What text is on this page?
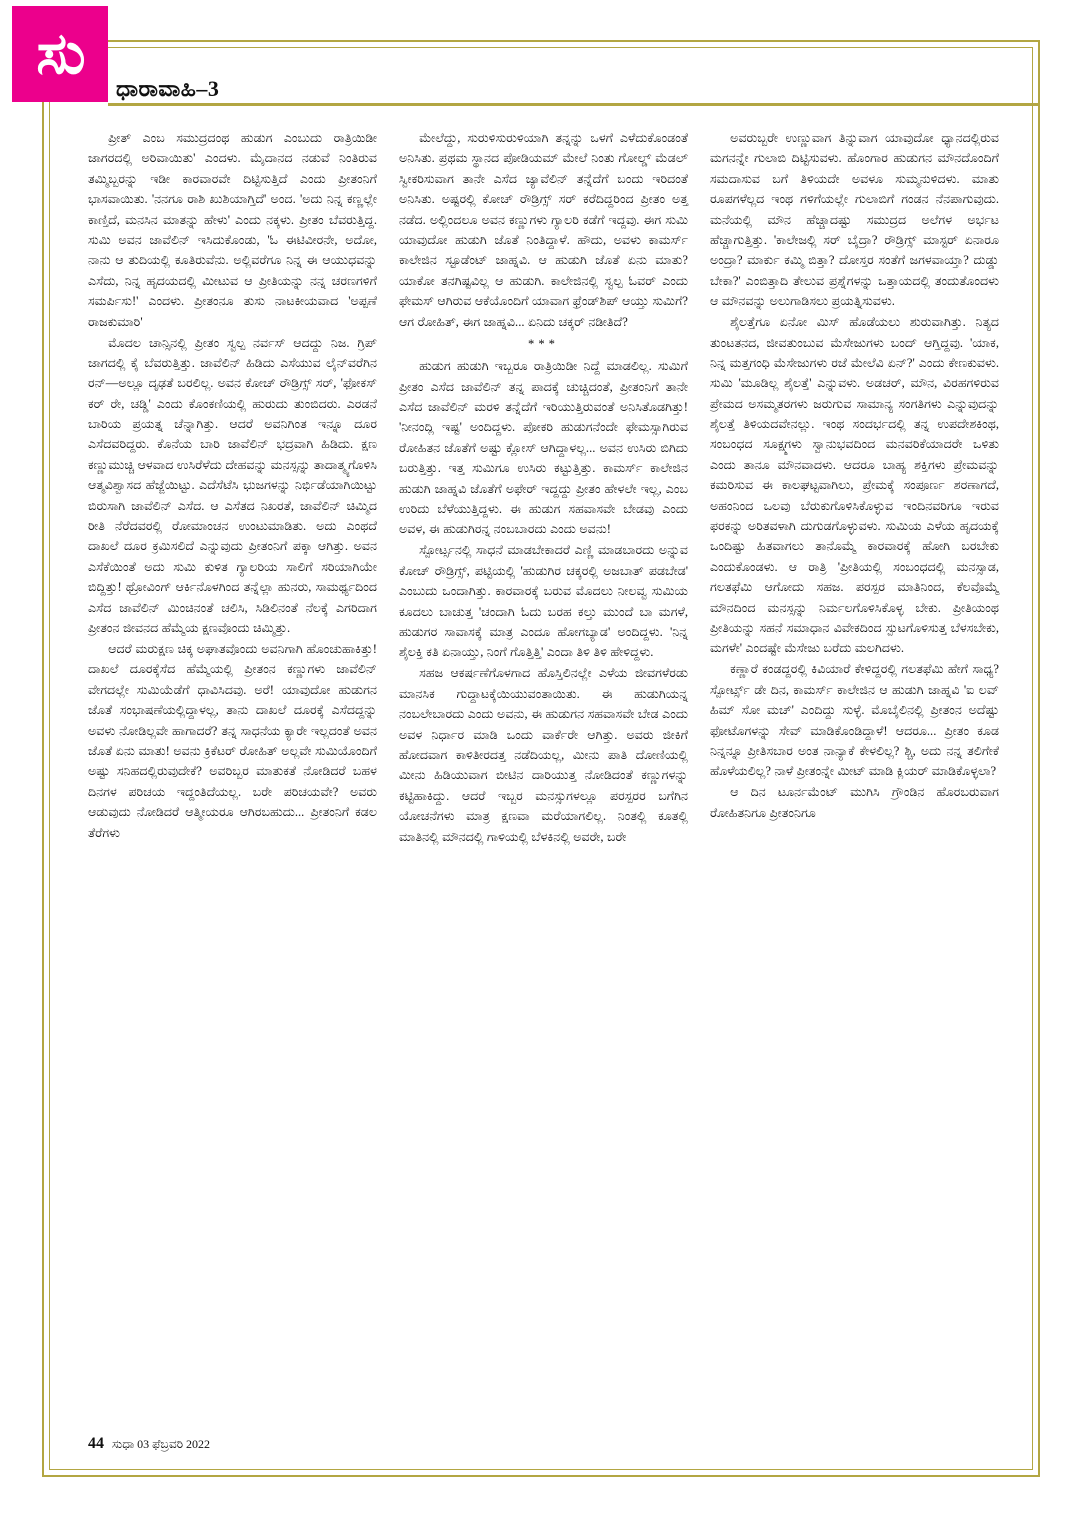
ಸು
ಧಾರಾವಾಹಿ–3

ಪ್ರೀತ್ ಎಂಬ ಸಮುದ್ರದಂಥ ಹುಡುಗ ಎಂಬುದು ರಾತ್ರಿಯಿಡೀ ಜಾಗರದಲ್ಲಿ ಅರಿವಾಯಿತು' ಎಂದಳು. ಮೈದಾನದ ನಡುವೆ ನಿಂತಿರುವ ತಮ್ಮಿಬ್ಬರನ್ನು ಇಡೀ ಕಾರವಾರವೇ ದಿಟ್ಟಿಸುತ್ತಿದೆ ಎಂದು ಪ್ರೀತಂನಿಗೆ ಭಾಸವಾಯಿತು. 'ನನಗೂ ರಾಶಿ ಖುಶಿಯಾಗ್ತಿದೆ' ಅಂದ. 'ಅದು ನಿನ್ನ ಕಣ್ಣಲ್ಲೇ ಕಾಣ್ತಿದೆ, ಮನಸಿನ ಮಾತನ್ನು ಹೇಳು' ಎಂದು ನಕ್ಕಳು. ಪ್ರೀತಂ ಬೆವರುತ್ತಿದ್ದ. ಸುಮಿ ಅವನ ಜಾವೆಲಿನ್ ಇಸಿದುಕೊಂಡು, 'ಓ ಈಟಿವೀರನೇ, ಅದೋ, ನಾನು ಆ ತುದಿಯಲ್ಲಿ ಕೂತಿರುವೆನು. ಅಲ್ಲಿವರೆಗೂ ನಿನ್ನ ಈ ಆಯುಧವನ್ನು ಎಸೆದು, ನಿನ್ನ ಹೃದಯದಲ್ಲಿ ಮೀಟುವ ಆ ಪ್ರೀತಿಯನ್ನು ನನ್ನ ಚರಣಗಳಿಗೆ ಸಮರ್ಪಿಸು!' ಎಂದಳು. ಪ್ರೀತಂನೂ ತುಸು ನಾಟಕೀಯವಾದ 'ಅಪ್ಪಣೆ ರಾಜಕುಮಾರಿ'

ಮೊದಲ ಚಾನ್ಸಿನಲ್ಲಿ ಪ್ರೀತಂ ಸ್ವಲ್ಪ ನರ್ವಸ್ ಆದದ್ದು ನಿಜ. ಗ್ರಿಪ್ ಜಾಗದಲ್ಲಿ ಕೈ ಬೆವರುತ್ತಿತ್ತು. ಜಾವೆಲಿನ್ ಹಿಡಿದು ಎಸೆಯುವ ಲೈನ್‌ವರೆಗಿನ ರನ್—ಅಲ್ಲೂ ದೃಢತೆ ಬರಲಿಲ್ಲ. ಅವನ ಕೋಚ್ ರೌಡ್ರಿಗ್ಸ್ ಸರ್, 'ಫೋಕಸ್ ಕರ್ ರೇ, ಚಡ್ಡಿ' ಎಂದು ಕೊಂಕಣಿಯಲ್ಲಿ ಹುರುದು ತುಂಬಿದರು. ಎರಡನೆ ಬಾರಿಯ ಪ್ರಯತ್ನ ಚೆನ್ನಾಗಿತ್ತು. ಆದರೆ ಅವನಿಗಿಂತ ಇನ್ನೂ ದೂರ ಎಸೆದವರಿದ್ದರು. ಕೊನೆಯ ಬಾರಿ ಜಾವೆಲಿನ್ ಭದ್ರವಾಗಿ ಹಿಡಿದು. ಕ್ಷಣ ಕಣ್ಣುಮುಚ್ಚಿ ಆಳವಾದ ಉಸಿರೆಳೆದು ದೇಹವನ್ನು ಮನಸ್ಸನ್ನು ತಾದಾತ್ಮ್ಯಗೊಳಿಸಿ ಆತ್ಮವಿಶ್ವಾಸದ ಹೆಜ್ಜೆಯಿಟ್ಟು. ಎದೆಸೆಟೆಸಿ ಭುಜಗಳನ್ನು ನಿರ್ಭಿಡೆಯಾಗಿಯಿಟ್ಟು ಬಿರುಸಾಗಿ ಜಾವೆಲಿನ್ ಎಸೆದ. ಆ ಎಸೆತದ ನಿಖರತೆ, ಜಾವೆಲಿನ್ ಚಿಮ್ಮಿದ ರೀತಿ ನೆರೆದವರಲ್ಲಿ ರೋಮಾಂಚನ ಉಂಟುಮಾಡಿತು. ಅದು ಎಂಥದೆ ದಾಖಲೆ ದೂರ ಕ್ರಮಿಸಲಿದೆ ಎನ್ನುವುದು ಪ್ರೀತಂನಿಗೆ ಪಕ್ಕಾ ಆಗಿತ್ತು. ಅವನ ಎಸೆಕೆಯಿಂತೆ ಅದು ಸುಮಿ ಕುಳಿತ ಗ್ಯಾಲರಿಯ ಸಾಲಿಗೆ ಸರಿಯಾಗಿಯೇ ಬಿದ್ದಿತ್ತು! ಥ್ರೋವಿಂಗ್ ಆರ್ಕಿನೊಳಗಿಂದ ತನ್ನೆಲ್ಲಾ ಹುನರು, ಸಾಮರ್ಥ್ಯದಿಂದ ಎಸೆದ ಜಾವೆಲಿನ್ ಮಿಂಚಿನಂತೆ ಚಲಿಸಿ, ಸಿಡಿಲಿನಂತೆ ನೆಲಕ್ಕೆ ಎಗರಿದಾಗ ಪ್ರೀತಂನ ಜೀವನದ ಹೆಮ್ಮೆಯ ಕ್ಷಣವೊಂದು ಚಿಮ್ಮಿತ್ತು.

ಆದರೆ ಮರುಕ್ಷಣ ಚಿಕ್ಕ ಅಘಾತವೊಂದು ಅವನಿಗಾಗಿ ಹೊಂಚುಹಾಕಿತ್ತು! ದಾಖಲೆ ದೂರಕ್ಕೆಸೆದ ಹೆಮ್ಮೆಯಲ್ಲಿ ಪ್ರೀತಂನ ಕಣ್ಣುಗಳು ಜಾವೆಲಿನ್ ವೇಗದಲ್ಲೇ ಸುಮಿಯೆಡೆಗೆ ಧಾವಿಸಿದವು. ಅರೆ! ಯಾವುದೋ ಹುಡುಗನ ಜೊತೆ ಸಂಭಾಷಣೆಯಲ್ಲಿದ್ದಾಳಲ್ಲ, ತಾನು ದಾಖಲೆ ದೂರಕ್ಕೆ ಎಸೆದದ್ದನ್ನು ಅವಳು ನೋಡಿಲ್ಲವೇ ಹಾಗಾದರೆ? ತನ್ನ ಸಾಧನೆಯ ಕ್ಯಾರೇ ಇಲ್ಲದಂತೆ ಅವನ ಜೊತೆ ಏನು ಮಾತು! ಅವನು ಕ್ರಿಕೆಟರ್ ರೋಹಿತ್ ಅಲ್ಲವೇ ಸುಮಿಯೊಂದಿಗೆ ಅಷ್ಟು ಸನಿಹದಲ್ಲಿರುವುದೇಕೆ? ಅವರಿಬ್ಬರ ಮಾತುಕತೆ ನೋಡಿದರೆ ಬಹಳ ದಿನಗಳ ಪರಿಚಯ ಇದ್ದಂತಿದೆಯಲ್ಲ. ಬರೇ ಪರಿಚಯವೇ? ಅವರು ಆಡುವುದು ನೋಡಿದರೆ ಆತ್ಮೀಯರೂ ಆಗಿರಬಹುದು... ಪ್ರೀತಂನಿಗೆ ಕಡಲ ತೆರೆಗಳು

ಮೇಲೆದ್ದು, ಸುರುಳಿಸುರುಳಿಯಾಗಿ ತನ್ನನ್ನು ಒಳಗೆ ಎಳೆದುಕೊಂಡಂತೆ ಅನಿಸಿತು. ಪ್ರಥಮ ಸ್ಥಾನದ ಪೋಡಿಯಮ್ ಮೇಲೆ ನಿಂತು ಗೋಲ್ಡ್ ಮೆಡಲ್ ಸ್ವೀಕರಿಸುವಾಗ ತಾನೇ ಎಸೆದ ಜ್ಯಾವೆಲಿನ್ ತನ್ನೆದೆಗೆ ಬಂದು ಇರಿದಂತೆ ಅನಿಸಿತು. ಅಷ್ಟರಲ್ಲಿ ಕೋಚ್ ರೌಡ್ರಿಗ್ಸ್ ಸರ್ ಕರೆದಿದ್ದರಿಂದ ಪ್ರೀತಂ ಅತ್ತ ನಡೆದ. ಅಲ್ಲಿಂದಲೂ ಅವನ ಕಣ್ಣುಗಳು ಗ್ಯಾಲರಿ ಕಡೆಗೆ ಇದ್ದವು. ಈಗ ಸುಮಿ ಯಾವುದೋ ಹುಡುಗಿ ಜೊತೆ ನಿಂತಿದ್ದಾಳೆ. ಹೌದು, ಅವಳು ಕಾಮರ್ಸ್ ಕಾಲೇಜಿನ ಸ್ಟೂಡೆಂಟ್ ಜಾಹ್ನವಿ. ಆ ಹುಡುಗಿ ಜೊತೆ ಏನು ಮಾತು? ಯಾಕೋ ತನಗಿಷ್ಟವಿಲ್ಲ ಆ ಹುಡುಗಿ. ಕಾಲೇಜಿನಲ್ಲಿ ಸ್ವಲ್ಪ ಓವರ್ ಎಂದು ಫೇಮಸ್ ಆಗಿರುವ ಆಕೆಯೊಂದಿಗೆ ಯಾವಾಗ ಫ್ರೆಂಡ್‌ಶಿಪ್ ಆಯ್ತು ಸುಮಿಗೆ? ಆಗ ರೋಹಿತ್, ಈಗ ಜಾಹ್ನವಿ... ಏನಿದು ಚಕ್ಕರ್ ನಡೀತಿದೆ?

***

ಹುಡುಗ ಹುಡುಗಿ ಇಬ್ಬರೂ ರಾತ್ರಿಯಿಡೀ ನಿದ್ದೆ ಮಾಡಲಿಲ್ಲ. ಸುಮಿಗೆ ಪ್ರೀತಂ ಎಸೆದ ಜಾವೆಲಿನ್ ತನ್ನ ಪಾದಕ್ಕೆ ಚುಚ್ಚಿದಂತೆ, ಪ್ರೀತಂನಿಗೆ ತಾನೇ ಎಸೆದ ಜಾವೆಲಿನ್ ಮರಳಿ ತನ್ನೆದೆಗೆ ಇರಿಯುತ್ತಿರುವಂತೆ ಅನಿಸಿತೊಡಗಿತ್ತು! 'ನೀನಂದ್ಲಿ ಇಷ್ಟ' ಅಂದಿದ್ದಳು. ಪೋಕರಿ ಹುಡುಗನೆಂದೇ ಫೇಮಸ್ಸಾಗಿರುವ ರೋಹಿತನ ಜೊತೆಗೆ ಅಷ್ಟು ಕ್ಲೋಸ್ ಆಗಿದ್ದಾಳಲ್ಲ... ಅವನ ಉಸಿರು ಬಿಗಿದು ಬರುತ್ತಿತ್ತು. ಇತ್ತ ಸುಮಿಗೂ ಉಸಿರು ಕಟ್ಟುತ್ತಿತ್ತು. ಕಾಮರ್ಸ್ ಕಾಲೇಜಿನ ಹುಡುಗಿ ಜಾಹ್ನವಿ ಜೊತೆಗೆ ಅಫೇರ್ ಇದ್ದದ್ದು ಪ್ರೀತಂ ಹೇಳಲೇ ಇಲ್ಲ, ಎಂಬ ಉರಿದು ಬೆಳೆಯುತ್ತಿದ್ದಳು. ಈ ಹುಡುಗ ಸಹವಾಸವೇ ಬೇಡವು ಎಂದು ಅವಳ, ಈ ಹುಡುಗಿರನ್ನ ನಂಬಬಾರದು ಎಂದು ಅವನು!

ಸ್ಪೋರ್ಟ್ಸನಲ್ಲಿ ಸಾಧನೆ ಮಾಡಬೇಕಾದರೆ ಎಣ್ಣಿ ಮಾಡಬಾರದು ಅನ್ನುವ ಕೋಚ್ ರೌಡ್ರಿಗ್ಸ್, ಪಟ್ಟಿಯಲ್ಲಿ 'ಹುಡುಗಿರ ಚಕ್ಕರಲ್ಲಿ ಅಜಬಾತ್ ಪಡಬೇಡ' ಎಂಬುದು ಒಂದಾಗಿತ್ತು. ಕಾರವಾರಕ್ಕೆ ಬರುವ ಮೊದಲು ನೀಲವ್ವ ಸುಮಿಯ ಕೂದಲು ಬಾಚುತ್ತ 'ಚಂದಾಗಿ ಓದು ಬರಹ ಕಲ್ತು ಮುಂದೆ ಬಾ ಮಗಳೆ, ಹುಡುಗರ ಸಾವಾಸಕ್ಕೆ ಮಾತ್ರ ಎಂದೂ ಹೋಗಬ್ಯಾಡ' ಅಂದಿದ್ದಳು. 'ನಿನ್ನ ಶೈಲಕ್ತಿ ಕತಿ ಏನಾಯ್ತು, ನಿಂಗೆ ಗೊತ್ತಿತ್ತಿ' ಎಂದಾ ತಿಳಿ ತಿಳಿ ಹೇಳಿದ್ದಳು.

ಸಹಜ ಆಕರ್ಷಣೆಗೊಳಗಾದ ಹೊಸ್ತಿಲಿನಲ್ಲೇ ಎಳೆಯ ಜೀವಗಳೆರಡು ಮಾನಸಿಕ ಗುದ್ದಾಟಕ್ಕೆಯಿಯುವಂತಾಯಿತು. ಈ ಹುಡುಗಿಯನ್ನ ನಂಬಲೇಬಾರದು ಎಂದು ಅವನು, ಈ ಹುಡುಗನ ಸಹವಾಸವೇ ಬೇಡ ಎಂದು ಅವಳ ನಿರ್ಧಾರ ಮಾಡಿ ಒಂದು ವಾರ್ಕೆರೇ ಆಗಿತ್ತು. ಅವರು ಜೀಕಿಗೆ ಹೋದವಾಗ ಕಾಳಿತೀರದತ್ತ ನಡೆದಿಯಲ್ಲ, ಮೀನು ಪಾತಿ ದೋಣಿಯಲ್ಲಿ ಮೀನು ಹಿಡಿಯುವಾಗ ಬೀಟಿನ ದಾರಿಯುತ್ತ ನೋಡಿದಂತೆ ಕಣ್ಣುಗಳನ್ನು ಕಟ್ಟಿಹಾಕಿದ್ದು. ಆದರೆ ಇಬ್ಬರ ಮನಸ್ಸುಗಳಲ್ಲೂ ಪರಸ್ಪರರ ಬಗೆಗಿನ ಯೋಚನೆಗಳು ಮಾತ್ರ ಕ್ಷಣವಾ ಮರೆಯಾಗಲಿಲ್ಲ. ನಿಂತಲ್ಲಿ ಕೂತಲ್ಲಿ ಮಾತಿನಲ್ಲಿ ಮೌನದಲ್ಲಿ ಗಾಳಿಯಲ್ಲಿ ಬೆಳಕಿನಲ್ಲಿ ಅವರೇ, ಬರೇ

ಅವರುಬ್ಬರೇ ಉಣ್ಣುವಾಗ ತಿನ್ನುವಾಗ ಯಾವುದೋ ಧ್ಯಾನದಲ್ಲಿರುವ ಮಗನನ್ನೇ ಗುಲಾಬಿ ದಿಟ್ಟಿಸುವಳು. ಹೊಂಗಾರ ಹುಡುಗನ ಮೌನದೊಂದಿಗೆ ಸಮದಾಸುವ ಬಗೆ ತಿಳಿಯದೇ ಅವಳೂ ಸುಮ್ಮನುಳಿದಳು. ಮಾತು ರೂಪಗಳೆಲ್ಲದ ಇಂಥ ಗಳಿಗೆಯಲ್ಲೇ ಗುಲಾಬಿಗೆ ಗಂಡನ ನೆನಪಾಗುವುದು. ಮನೆಯಲ್ಲಿ ಮೌನ ಹೆಚ್ಚಾದಷ್ಟು ಸಮುದ್ರದ ಅಲೆಗಳ ಅರ್ಭಟ ಹೆಚ್ಚಾಗುತ್ತಿತ್ತು. 'ಕಾಲೇಜಲ್ಲಿ ಸರ್ ಬೈದ್ರಾ? ರೌಡ್ರಿಗ್ಸ್ ಮಾಸ್ಟರ್ ಏನಾರೂ ಅಂದ್ರಾ? ಮಾರ್ಕು ಕಮ್ಮಿ ಬಿತ್ತಾ? ದೋಸ್ತರ ಸಂತೆಗೆ ಜಗಳವಾಯ್ತಾ? ದುಡ್ಡು ಬೇಕಾ?' ಎಂಬಿತ್ತಾದಿ ತೇಲುವ ಪ್ರಶ್ನೆಗಳನ್ನು ಒತ್ತಾಯದಲ್ಲಿ ತಂದುತೊಂದಳು ಆ ಮೌನವನ್ನು ಅಲುಗಾಡಿಸಲು ಪ್ರಯತ್ನಿಸುವಳು.

ಶೈಲತ್ತೆಗೂ ಏನೋ ಮಿಸ್ ಹೊಡೆಯಲು ಶುರುವಾಗಿತ್ತು. ನಿತ್ಯದ ತುಂಟತನದ, ಜೀವತುಂಬುವ ಮೆಸೇಜುಗಳು ಬಂದ್ ಆಗ್ತಿದ್ದವು. 'ಯಾಕ, ನಿನ್ನ ಮತ್ತಗಂಧಿ ಮೆಸೇಜುಗಳು ರಜೆ ಮೇಲೆವಿ ಏನ್?' ಎಂದು ಕೇಣಕುವಳು. ಸುಮಿ 'ಮೂಡಿಲ್ಲ ಶೈಲತ್ತೆ' ಎನ್ನುವಳು. ಅಡಚರ್, ಮೌನ, ವಿರಹಗಳಿರುವ ಪ್ರೇಮದ ಅಸಮ್ಮತರಗಳು ಜರುಗುವ ಸಾಮಾನ್ಯ ಸಂಗತಿಗಳು ಎನ್ನುವುದನ್ನು ಶೈಲತ್ತೆ ತಿಳಿಯದವೇನಲ್ಲು. ಇಂಥ ಸಂದರ್ಭದಲ್ಲಿ ತನ್ನ ಉಪದೇಶಕಿಂಥ, ಸಂಬಂಧದ ಸೂಕ್ಷ್ಮಗಳು ಸ್ವಾನುಭವದಿಂದ ಮನವರಿಕೆಯಾದರೇ ಒಳಿತು ಎಂದು ತಾನೂ ಮೌನವಾದಳು. ಆದರೂ ಬಾಹ್ಯ ಶಕ್ತಿಗಳು ಪ್ರೇಮವನ್ನು ಕಮರಿಸುವ ಈ ಕಾಲಘಟ್ಟವಾಗಿಲು, ಪ್ರೇಮಕ್ಕೆ ಸಂಪೂರ್ಣ ಶರಣಾಗದೆ, ಅಹಂನಿಂದ ಒಲವು ಬೆರುಕುಗೊಳಿಸಿಕೊಳ್ಳುವ ಇಂದಿನವರಿಗೂ ಇರುವ ಫರಕನ್ನು ಅರಿತವಳಾಗಿ ದುಗುಡಗೊಳ್ಳುವಳು. ಸುಮಿಯ ಎಳೆಯ ಹೃದಯಕ್ಕೆ ಒಂದಿಷ್ಟು ಹಿತವಾಗಲು ತಾನೊಮ್ಮೆ ಕಾರವಾರಕ್ಕೆ ಹೋಗಿ ಬರಬೇಕು ಎಂದುಕೊಂಡಳು. ಆ ರಾತ್ರಿ 'ಪ್ರೀತಿಯಲ್ಲಿ ಸಂಬಂಧದಲ್ಲಿ ಮನಸ್ಸಾಡ, ಗಲತಫೆಮಿ ಆಗೋದು ಸಹಜ. ಪರಸ್ಪರ ಮಾತಿನಿಂದ, ಕೆಲವೊಮ್ಮೆ ಮೌನದಿಂದ ಮನಸ್ಸನ್ನು ನಿರ್ಮಲಗೊಳಿಸಿಕೊಳ್ಳ ಬೇಕು. ಪ್ರೀತಿಯಂಥ ಪ್ರೀತಿಯನ್ನು ಸಹನೆ ಸಮಾಧಾನ ವಿವೇಕದಿಂದ ಸ್ಪುಟಗೊಳಿಸುತ್ತ ಬೆಳಸಬೇಕು, ಮಗಳೇ' ಎಂದಷ್ಟೇ ಮೆಸೇಜು ಬರೆದು ಮಲಗಿದಳು.

ಕಣ್ಣಾರೆ ಕಂಡದ್ದರಲ್ಲಿ ಕಿವಿಯಾರೆ ಕೇಳಿದ್ದರಲ್ಲಿ ಗಲತಫೆಮಿ ಹೇಗೆ ಸಾಧ್ಯ? ಸ್ಪೋರ್ಟ್ಸ್ ಡೇ ದಿನ, ಕಾಮರ್ಸ್ ಕಾಲೇಜಿನ ಆ ಹುಡುಗಿ ಜಾಹ್ನವಿ 'ಐ ಲವ್ ಹಿಮ್ ಸೋ ಮಚ್' ಎಂದಿದ್ದು ಸುಳ್ಳೆ. ಮೊಬೈಲಿನಲ್ಲಿ ಪ್ರೀತಂನ ಅದೆಷ್ಟು ಫೋಟೊಗಳನ್ನು ಸೇವ್ ಮಾಡಿಕೊಂಡಿದ್ದಾಳೆ! ಆದರೂ... ಪ್ರೀತಂ ಕೂಡ ನಿನ್ನನ್ನೂ ಪ್ರೀತಿಸಬಾರ ಅಂತ ನಾನ್ಯಾಕೆ ಕೇಳಲಿಲ್ಲ? ಶ್ಚಿ, ಅದು ನನ್ನ ತಲಿಗೇಕೆ ಹೊಳೆಯಲಿಲ್ಲ? ನಾಳೆ ಪ್ರೀತಂನ್ನೇ ಮೀಟ್ ಮಾಡಿ ಕ್ಲಿಯರ್ ಮಾಡಿಕೊಳ್ಳಲಾ?

ಆ ದಿನ ಟೂರ್ನಮೆಂಟ್ ಮುಗಿಸಿ ಗ್ರೌಂಡಿನ ಹೊರಬರುವಾಗ ರೋಹಿತನಿಗೂ ಪ್ರೀತಂನಿಗೂ

44 ಸುಧಾ 03 ಫೆಬ್ರವರಿ 2022
